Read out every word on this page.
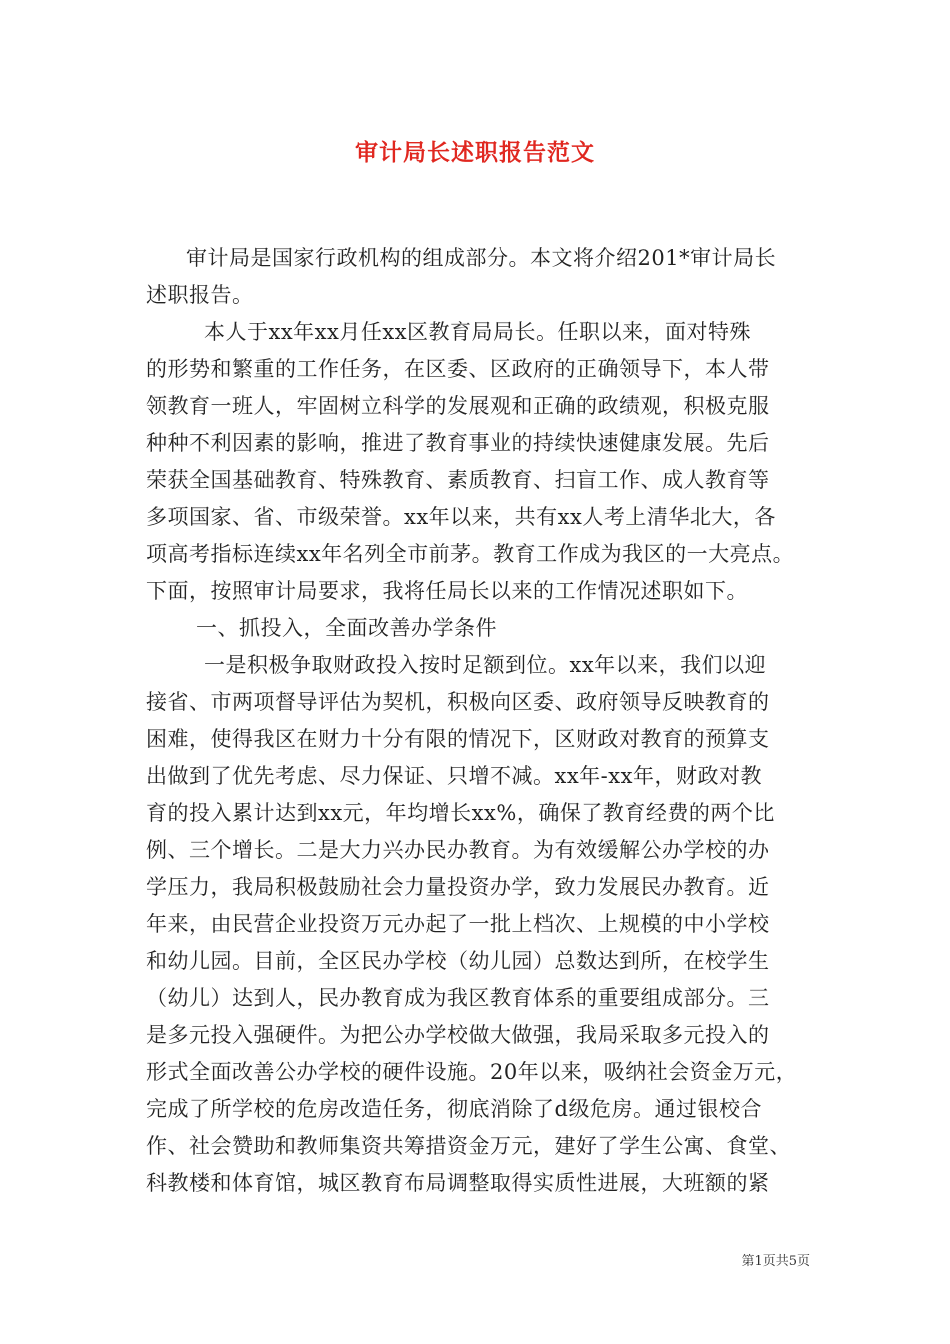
审计局长述职报告范文
审计局是国家行政机构的组成部分。本文将介绍201*审计局长
述职报告。
本人于xx年xx月任xx区教育局局长。任职以来，面对特殊
的形势和繁重的工作任务，在区委、区政府的正确领导下，本人带
领教育一班人，牢固树立科学的发展观和正确的政绩观，积极克服
种种不利因素的影响，推进了教育事业的持续快速健康发展。先后
荣获全国基础教育、特殊教育、素质教育、扫盲工作、成人教育等
多项国家、省、市级荣誉。xx年以来，共有xx人考上清华北大，各
项高考指标连续xx年名列全市前茅。教育工作成为我区的一大亮点。
下面，按照审计局要求，我将任局长以来的工作情况述职如下。
一、抓投入，全面改善办学条件
一是积极争取财政投入按时足额到位。xx年以来，我们以迎
接省、市两项督导评估为契机，积极向区委、政府领导反映教育的
困难，使得我区在财力十分有限的情况下，区财政对教育的预算支
出做到了优先考虑、尽力保证、只增不减。xx年-xx年，财政对教
育的投入累计达到xx元，年均增长xx%，确保了教育经费的两个比
例、三个增长。二是大力兴办民办教育。为有效缓解公办学校的办
学压力，我局积极鼓励社会力量投资办学，致力发展民办教育。近
年来，由民营企业投资万元办起了一批上档次、上规模的中小学校
和幼儿园。目前，全区民办学校（幼儿园）总数达到所，在校学生
（幼儿）达到人，民办教育成为我区教育体系的重要组成部分。三
是多元投入强硬件。为把公办学校做大做强，我局采取多元投入的
形式全面改善公办学校的硬件设施。20年以来，吸纳社会资金万元，
完成了所学校的危房改造任务，彻底消除了d级危房。通过银校合
作、社会赞助和教师集资共筹措资金万元，建好了学生公寓、食堂、
科教楼和体育馆，城区教育布局调整取得实质性进展，大班额的紧
第1页共5页
